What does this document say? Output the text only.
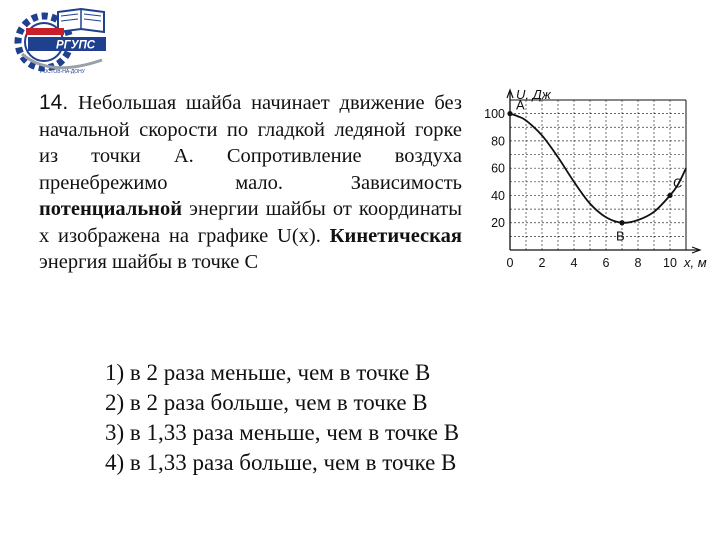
РГУПС
РОСТОВ-НА-ДОНУ
14. Небольшая шайба начинает движение без начальной скорости по гладкой ледяной горке из точки А. Сопротивление воздуха пренебрежимо	мало. Зависимость потенциальной энергии шайбы от координаты х изображена на графике U(x). Кинетическая энергия шайбы в точке С	0 2 4 6 8 10
20
40
60
80
100
A
B
C
U, Дж
x, м
1) в 2 раза меньше, чем в точке В
2) в 2 раза больше, чем в точке В
3) в 1,33 раза меньше, чем в точке В
4) в 1,33 раза больше, чем в точке В
